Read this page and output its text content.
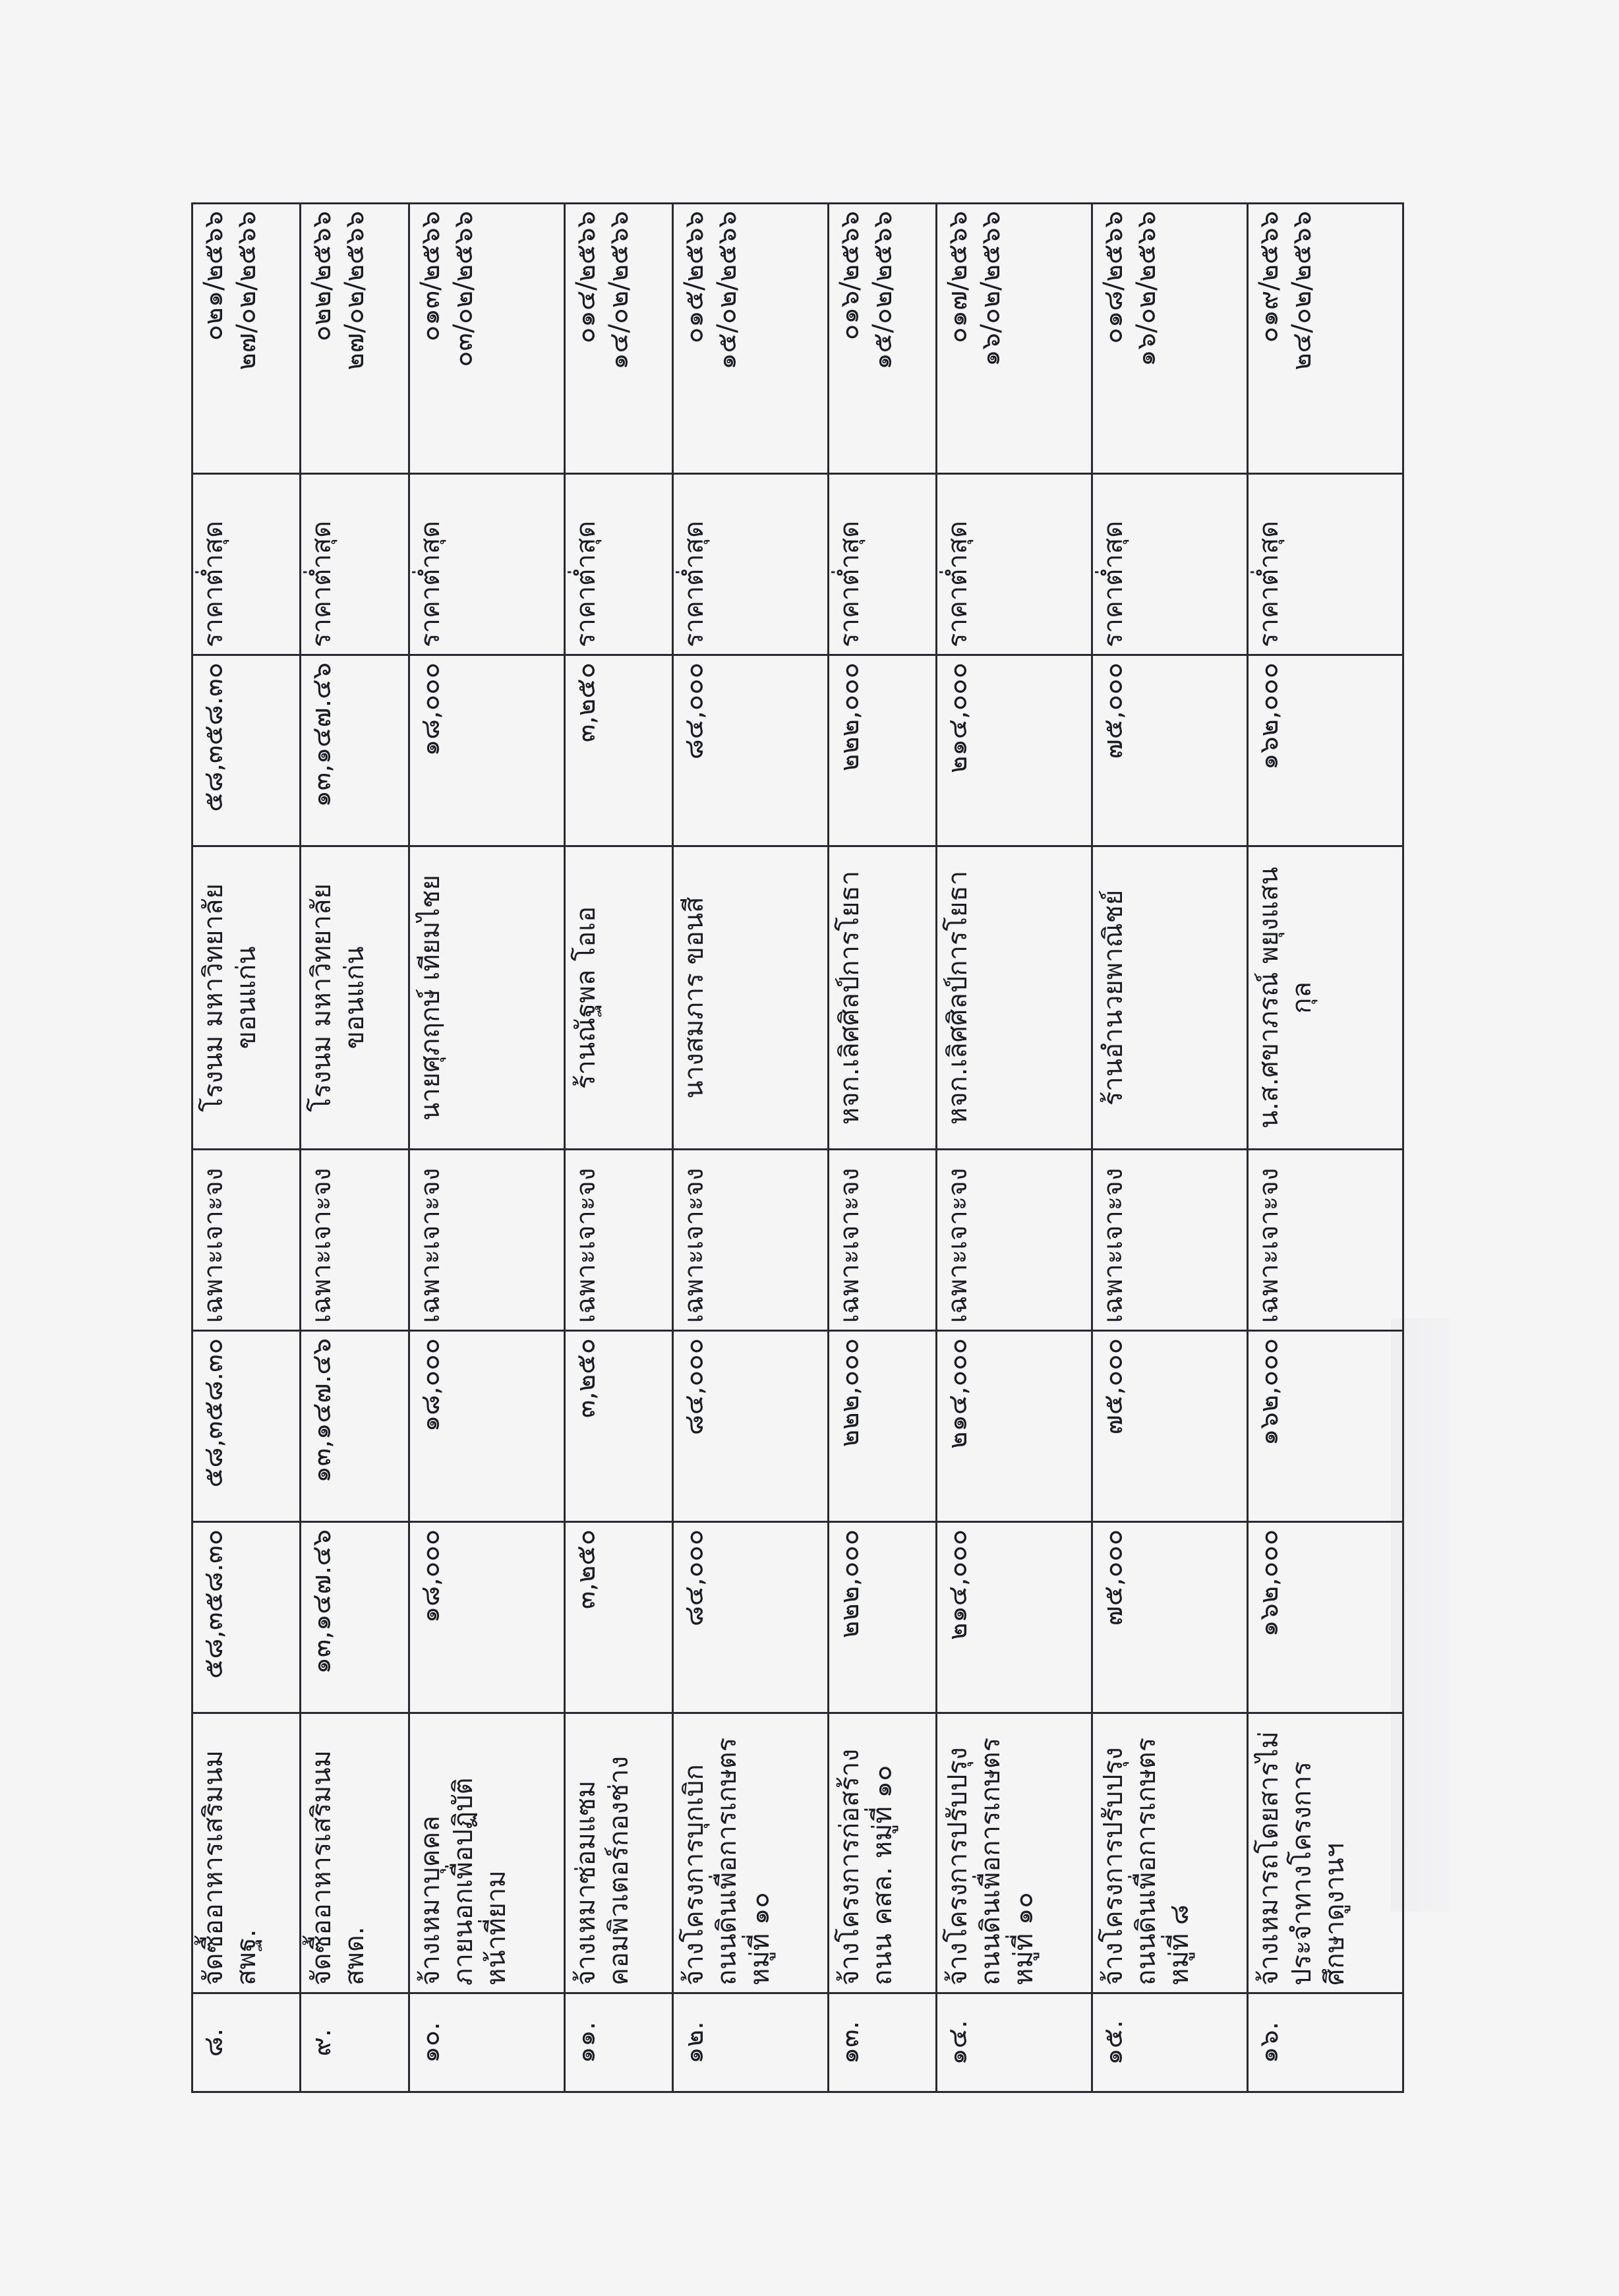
๘.	จัดซื้ออาหารเสริมนม สพฐ.	๕๘,๓๕๘.๓๐	๕๘,๓๕๘.๓๐	เฉพาะเจาะจง	โรงนม มหาวิทยาลัยขอนแก่น	๕๘,๓๕๘.๓๐	ราคาต่ำสุด	๐๒๑/๒๕๖๖
๒๗/๐๒/๒๕๖๖
๙.	จัดซื้ออาหารเสริมนม สพด.	๑๓,๑๔๗.๔๖	๑๓,๑๔๗.๔๖	เฉพาะเจาะจง	โรงนม มหาวิทยาลัยขอนแก่น	๑๓,๑๔๗.๔๖	ราคาต่ำสุด	๐๒๒/๒๕๖๖
๒๗/๐๒/๒๕๖๖
๑๐.	จ้างเหมาบุคคลภายนอกเพื่อปฏิบัติหน้าที่ยาม	๑๘,๐๐๐	๑๘,๐๐๐	เฉพาะเจาะจง	นายศุภฤกษ์ เทียมไชย	๑๘,๐๐๐	ราคาต่ำสุด	๐๑๓/๒๕๖๖
๐๓/๐๒/๒๕๖๖
๑๑.	จ้างเหมาซ่อมแซมคอมพิวเตอร์กองช่าง	๓,๒๕๐	๓,๒๕๐	เฉพาะเจาะจง	ร้านณัฐพล โอเอ	๓,๒๕๐	ราคาต่ำสุด	๐๑๔/๒๕๖๖
๑๔/๐๒/๒๕๖๖
๑๒.	จ้างโครงการบุกเบิกถนนดินเพื่อการเกษตร หมู่ที่ ๑๐	๘๔,๐๐๐	๘๔,๐๐๐	เฉพาะเจาะจง	นางสมภาร ขอนสี	๘๔,๐๐๐	ราคาต่ำสุด	๐๑๕/๒๕๖๖
๑๕/๐๒/๒๕๖๖
๑๓.	จ้างโครงการก่อสร้างถนน คสล. หมู่ที่ ๑๐	๒๒๒,๐๐๐	๒๒๒,๐๐๐	เฉพาะเจาะจง	หจก.เลิศศิลป์การโยธา	๒๒๒,๐๐๐	ราคาต่ำสุด	๐๑๖/๒๕๖๖
๑๕/๐๒/๒๕๖๖
๑๔.	จ้างโครงการปรับปรุงถนนดินเพื่อการเกษตร หมู่ที่ ๑๐	๒๑๔,๐๐๐	๒๑๔,๐๐๐	เฉพาะเจาะจง	หจก.เลิศศิลป์การโยธา	๒๑๔,๐๐๐	ราคาต่ำสุด	๐๑๗/๒๕๖๖
๑๖/๐๒/๒๕๖๖
๑๕.	จ้างโครงการปรับปรุงถนนดินเพื่อการเกษตร หมู่ที่ ๘	๗๕,๐๐๐	๗๕,๐๐๐	เฉพาะเจาะจง	ร้านอำนวยพาณิชย์	๗๕,๐๐๐	ราคาต่ำสุด	๐๑๘/๒๕๖๖
๑๖/๐๒/๒๕๖๖
๑๖.	จ้างเหมารถโดยสารไม่ประจำทางโครงการศึกษาดูงานฯ	๑๖๒,๐๐๐	๑๖๒,๐๐๐	เฉพาะเจาะจง	น.ส.ศขาภรณ์ พยุงแสนกุล	๑๖๒,๐๐๐	ราคาต่ำสุด	๐๑๙/๒๕๖๖
๒๔/๐๒/๒๕๖๖
